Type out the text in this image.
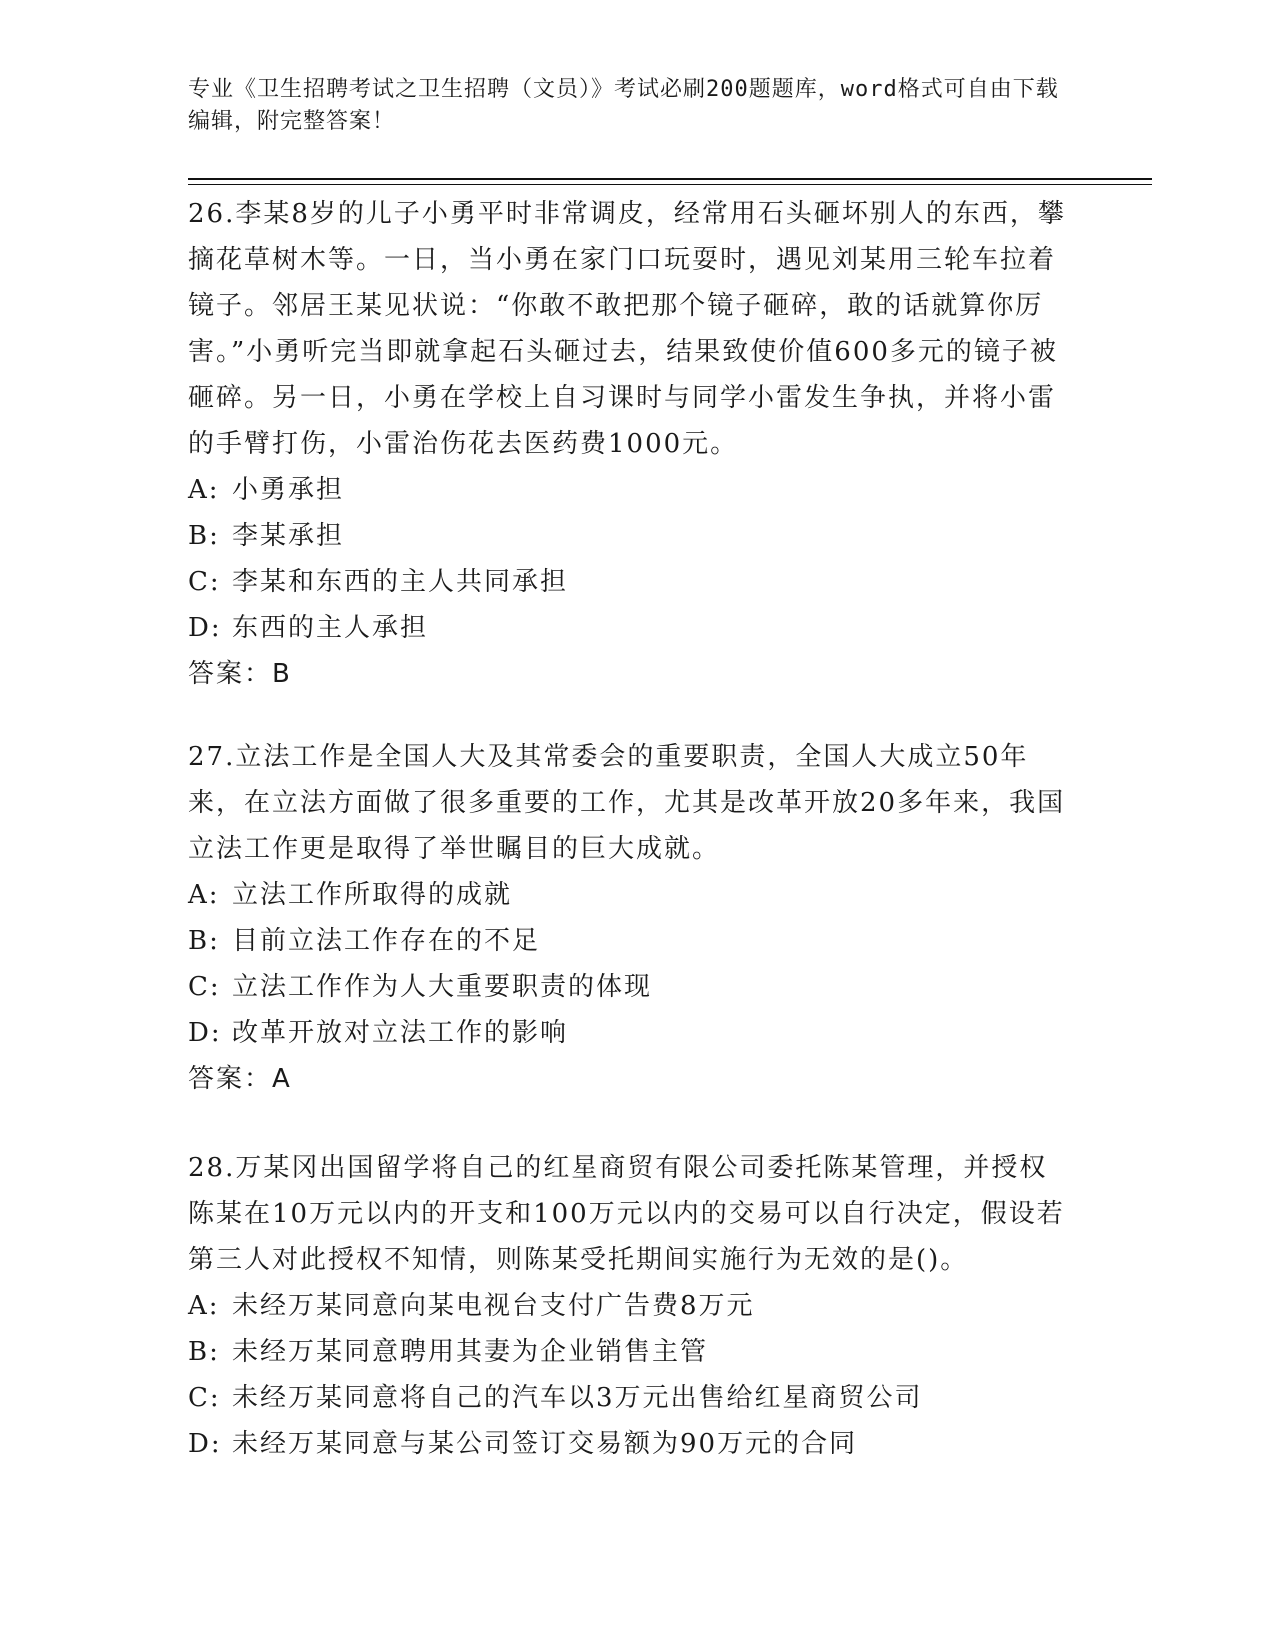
专业《卫生招聘考试之卫生招聘（文员）》考试必刷200题题库，word格式可自由下载编辑，附完整答案！

26.李某8岁的儿子小勇平时非常调皮，经常用石头砸坏别人的东西，攀摘花草树木等。一日，当小勇在家门口玩耍时，遇见刘某用三轮车拉着镜子。邻居王某见状说：“你敢不敢把那个镜子砸碎，敢的话就算你厉害。”小勇听完当即就拿起石头砸过去，结果致使价值600多元的镜子被砸碎。另一日，小勇在学校上自习课时与同学小雷发生争执，并将小雷的手臂打伤，小雷治伤花去医药费1000元。

A: 小勇承担

B: 李某承担

C: 李某和东西的主人共同承担

D: 东西的主人承担

答案：B

27.立法工作是全国人大及其常委会的重要职责，全国人大成立50年来，在立法方面做了很多重要的工作，尤其是改革开放20多年来，我国立法工作更是取得了举世瞩目的巨大成就。

A: 立法工作所取得的成就

B: 目前立法工作存在的不足

C: 立法工作作为人大重要职责的体现

D: 改革开放对立法工作的影响

答案：A

28.万某冈出国留学将自己的红星商贸有限公司委托陈某管理，并授权陈某在10万元以内的开支和100万元以内的交易可以自行决定，假设若第三人对此授权不知情，则陈某受托期间实施行为无效的是()。

A: 未经万某同意向某电视台支付广告费8万元

B: 未经万某同意聘用其妻为企业销售主管

C: 未经万某同意将自己的汽车以3万元出售给红星商贸公司

D: 未经万某同意与某公司签订交易额为90万元的合同
